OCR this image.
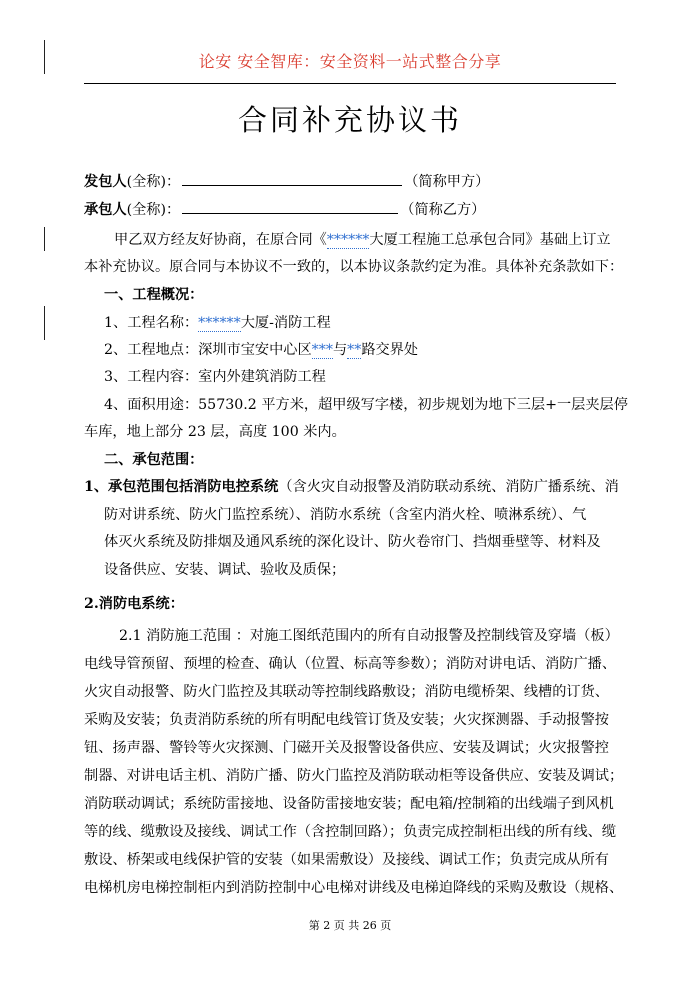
论安 安全智库：安全资料一站式整合分享
合同补充协议书
发包人(全称)：	（简称甲方）
承包人(全称)：	（简称乙方）
甲乙双方经友好协商，在原合同《******大厦工程施工总承包合同》基础上订立
本补充协议。原合同与本协议不一致的，以本协议条款约定为准。具体补充条款如下：
一、工程概况：
1、工程名称：******大厦-消防工程
2、工程地点：深圳市宝安中心区***与**路交界处
3、工程内容：室内外建筑消防工程
4、面积用途：55730.2 平方米，超甲级写字楼，初步规划为地下三层+一层夹层停
车库，地上部分 23 层，高度 100 米内。
二、承包范围：
1、承包范围包括消防电控系统（含火灾自动报警及消防联动系统、消防广播系统、消
防对讲系统、防火门监控系统）、消防水系统（含室内消火栓、喷淋系统）、气
体灭火系统及防排烟及通风系统的深化设计、防火卷帘门、挡烟垂壁等、材料及
设备供应、安装、调试、验收及质保；
2.消防电系统：
2.1 消防施工范围 ：对施工图纸范围内的所有自动报警及控制线管及穿墙（板）
电线导管预留、预埋的检查、确认（位置、标高等参数）；消防对讲电话、消防广播、
火灾自动报警、防火门监控及其联动等控制线路敷设；消防电缆桥架、线槽的订货、
采购及安装；负责消防系统的所有明配电线管订货及安装；火灾探测器、手动报警按
钮、扬声器、警铃等火灾探测、门磁开关及报警设备供应、安装及调试；火灾报警控
制器、对讲电话主机、消防广播、防火门监控及消防联动柜等设备供应、安装及调试；
消防联动调试；系统防雷接地、设备防雷接地安装；配电箱/控制箱的出线端子到风机
等的线、缆敷设及接线、调试工作（含控制回路）；负责完成控制柜出线的所有线、缆
敷设、桥架或电线保护管的安装（如果需敷设）及接线、调试工作；负责完成从所有
电梯机房电梯控制柜内到消防控制中心电梯对讲线及电梯迫降线的采购及敷设（规格、
第 2 页 共 26 页
